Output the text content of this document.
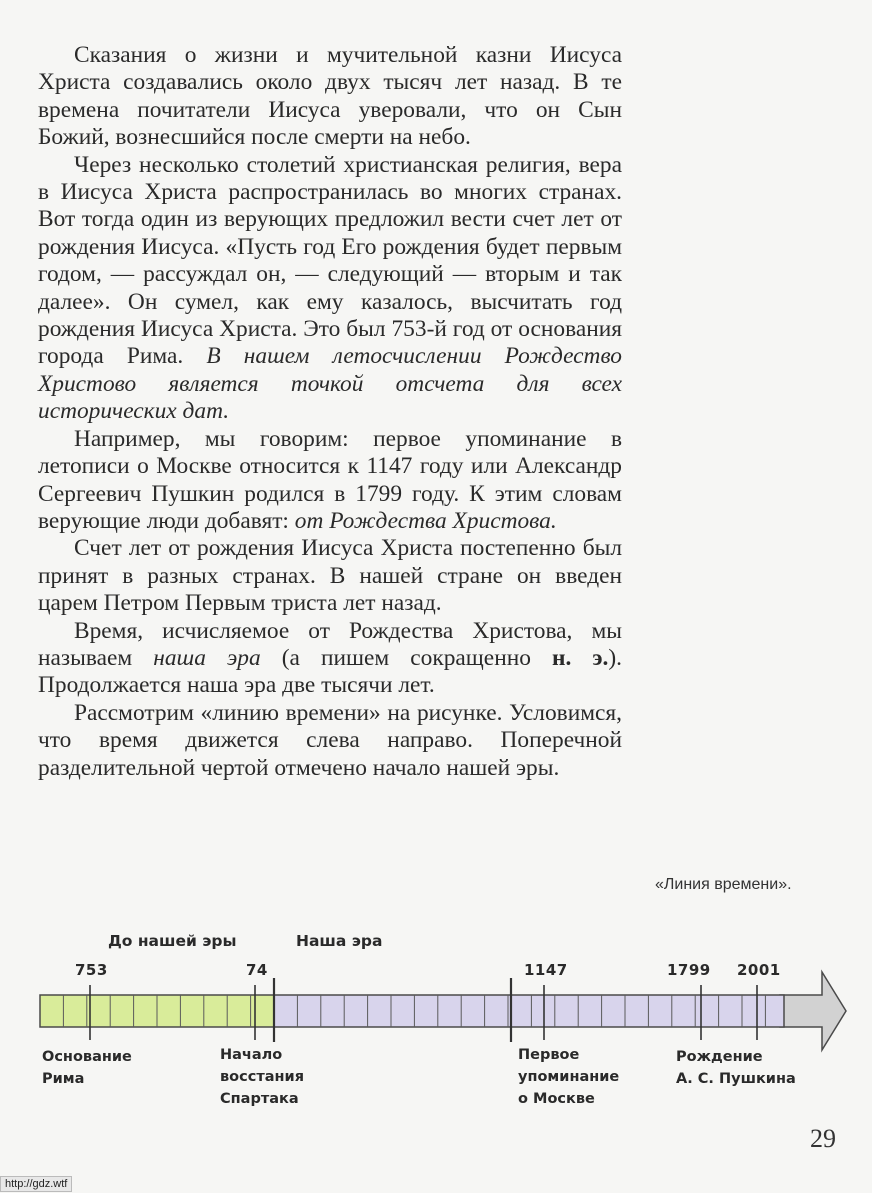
Сказания о жизни и мучительной казни Иисуса Христа создавались около двух тысяч лет назад. В те времена почитатели Иисуса уверовали, что он Сын Божий, вознесшийся после смерти на небо.

Через несколько столетий христианская религия, вера в Иисуса Христа распространилась во многих странах. Вот тогда один из верующих предложил вести счет лет от рождения Иисуса. «Пусть год Его рождения будет первым годом, — рассуждал он, — следующий — вторым и так далее». Он сумел, как ему казалось, высчитать год рождения Иисуса Христа. Это был 753-й год от основания города Рима. В нашем летосчислении Рождество Христово является точкой отсчета для всех исторических дат.

Например, мы говорим: первое упоминание в летописи о Москве относится к 1147 году или Александр Сергеевич Пушкин родился в 1799 году. К этим словам верующие люди добавят: от Рождества Христова.

Счет лет от рождения Иисуса Христа постепенно был принят в разных странах. В нашей стране он введен царем Петром Первым триста лет назад.

Время, исчисляемое от Рождества Христова, мы называем наша эра (а пишем сокращенно н. э.). Продолжается наша эра две тысячи лет.

Рассмотрим «линию времени» на рисунке. Условимся, что время движется слева направо. Поперечной разделительной чертой отмечено начало нашей эры.

«Линия времени».
До нашей эры	Наша эра
753	74	1147	1799 2001
Основание
Рима
Начало
восстания
Спартака
Первое
упоминание
о Москве
Рождение
А. С. Пушкина
29
http://gdz.wtf
